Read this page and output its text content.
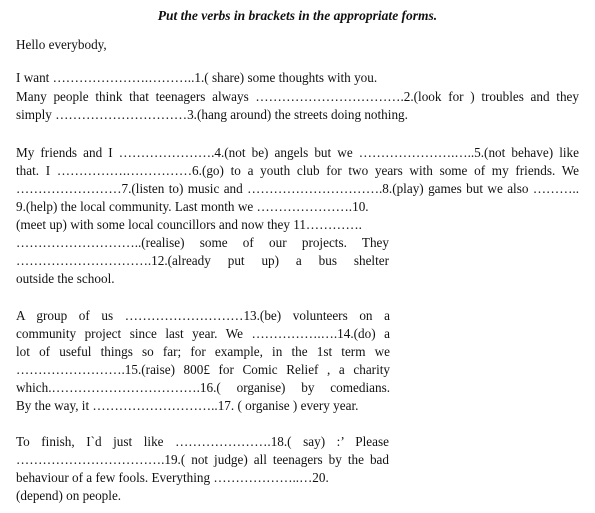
Put the verbs in brackets in the appropriate forms.
Hello everybody,
I want ………………….………..1.( share) some thoughts with you.
Many people think that teenagers always …………………………….2.(look for ) troubles and they
simply …………………………3.(hang around) the streets doing nothing.
My friends and I ………………….4.(not be) angels but we ………………….…..5.(not behave) like
that. I …………….……………6.(go) to a youth club for two years with some of my friends. We
……………………7.(listen to) music and ………………………….8.(play) games but we also ………..
9.(help) the local community. Last month we ………………….10.
(meet up) with some local councillors and now they 11………….
………………………..(realise) some of our projects. They
………………………….12.(already put up) a bus shelter
outside the school.
A group of us ………………………13.(be) volunteers on a
community project since last year. We …………….….14.(do) a
lot of useful things so far; for example, in the 1st term we
…………………….15.(raise) 800£ for Comic Relief , a charity
which.…………………………….16.( organise) by comedians.
By the way, it ………………………..17. ( organise ) every year.
To finish, I`d just like ………………….18.( say) :’ Please
…………………………….19.( not judge) all teenagers by the bad
behaviour of a few fools. Everything ………………..…20.
(depend) on people.
